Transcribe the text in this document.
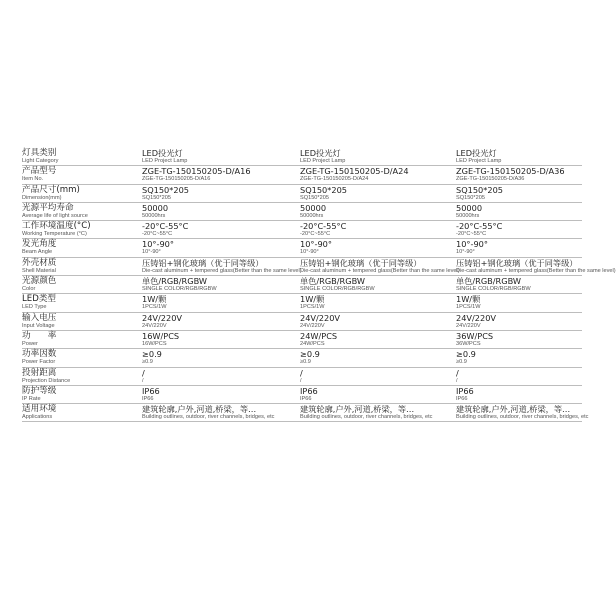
灯具类别
Light Category
LED投光灯
LED Project Lamp
LED投光灯
LED Project Lamp
LED投光灯
LED Project Lamp
产品型号
Item No.
ZGE-TG-150150205-D/A16
ZGE-TG-150150205-D/A16
ZGE-TG-150150205-D/A24
ZGE-TG-150150205-D/A24
ZGE-TG-150150205-D/A36
ZGE-TG-150150205-D/A36
产品尺寸(mm)
Dimension(mm)
SQ150*205
SQ150*205
SQ150*205
SQ150*205
SQ150*205
SQ150*205
光源平均寿命
Average life of light source
50000
50000hrs
50000
50000hrs
50000
50000hrs
工作环境温度(°C)
Working Temperature (°C)
-20°C-55°C
-20°C~55°C
-20°C-55°C
-20°C~55°C
-20°C-55°C
-20°C~55°C
发光角度
Beam Angle
10°-90°
10°-90°
10°-90°
10°-90°
10°-90°
10°-90°
外壳材质
Shell Material
压铸铝+钢化玻璃（优于同等级）
Die-cast aluminum + tempered glass(Better than the same level)
压铸铝+钢化玻璃（优于同等级）
Die-cast aluminum + tempered glass(Better than the same level)
压铸铝+钢化玻璃（优于同等级）
Die-cast aluminum + tempered glass(Better than the same level)
光源颜色
Color
单色/RGB/RGBW
SINGLE COLOR/RGB/RGBW
单色/RGB/RGBW
SINGLE COLOR/RGB/RGBW
单色/RGB/RGBW
SINGLE COLOR/RGB/RGBW
LED类型
LED Type
1W/颗
1PCS/1W
1W/颗
1PCS/1W
1W/颗
1PCS/1W
输入电压
Input Voltage
24V/220V
24V/220V
24V/220V
24V/220V
24V/220V
24V/220V
功　　率
Power
16W/PCS
16W/PCS
24W/PCS
24W/PCS
36W/PCS
36W/PCS
功率因数
Power Factor
≥0.9
≥0.9
≥0.9
≥0.9
≥0.9
≥0.9
投射距离
Projection Distance
/
/
/
/
/
/
防护等级
IP Rate
IP66
IP66
IP66
IP66
IP66
IP66
适用环境
Applications
建筑轮廓,户外,河道,桥梁，等…
Building outlines, outdoor, river channels, bridges, etc
建筑轮廓,户外,河道,桥梁，等…
Building outlines, outdoor, river channels, bridges, etc
建筑轮廓,户外,河道,桥梁，等…
Building outlines, outdoor, river channels, bridges, etc
